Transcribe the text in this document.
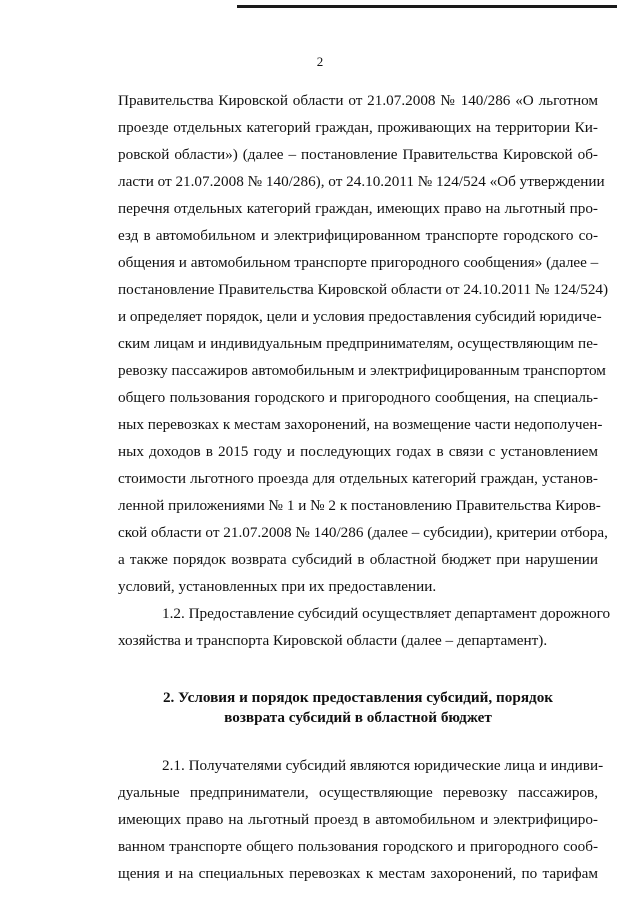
2
Правительства Кировской области от 21.07.2008 № 140/286 «О льготном
проезде отдельных категорий граждан, проживающих на территории Ки-
ровской области») (далее – постановление Правительства Кировской об-
ласти от 21.07.2008 № 140/286), от 24.10.2011 № 124/524 «Об утверждении
перечня отдельных категорий граждан, имеющих право на льготный про-
езд в автомобильном и электрифицированном транспорте городского со-
общения и автомобильном транспорте пригородного сообщения» (далее –
постановление Правительства Кировской области от 24.10.2011 № 124/524)
и определяет порядок, цели и условия предоставления субсидий юридиче-
ским лицам и индивидуальным предпринимателям, осуществляющим пе-
ревозку пассажиров автомобильным и электрифицированным транспортом
общего пользования городского и пригородного сообщения, на специаль-
ных перевозках к местам захоронений, на возмещение части недополучен-
ных доходов в 2015 году и последующих годах в связи с установлением
стоимости льготного проезда для отдельных категорий граждан, установ-
ленной приложениями № 1 и № 2 к постановлению Правительства Киров-
ской области от 21.07.2008 № 140/286 (далее – субсидии), критерии отбора,
а также порядок возврата субсидий в областной бюджет при нарушении
условий, установленных при их предоставлении.
1.2. Предоставление субсидий осуществляет департамент дорожного
хозяйства и транспорта Кировской области (далее – департамент).
2. Условия и порядок предоставления субсидий, порядок
возврата субсидий в областной бюджет
2.1. Получателями субсидий являются юридические лица и индиви-
дуальные предприниматели, осуществляющие перевозку пассажиров,
имеющих право на льготный проезд в автомобильном и электрифициро-
ванном транспорте общего пользования городского и пригородного сооб-
щения и на специальных перевозках к местам захоронений, по тарифам
